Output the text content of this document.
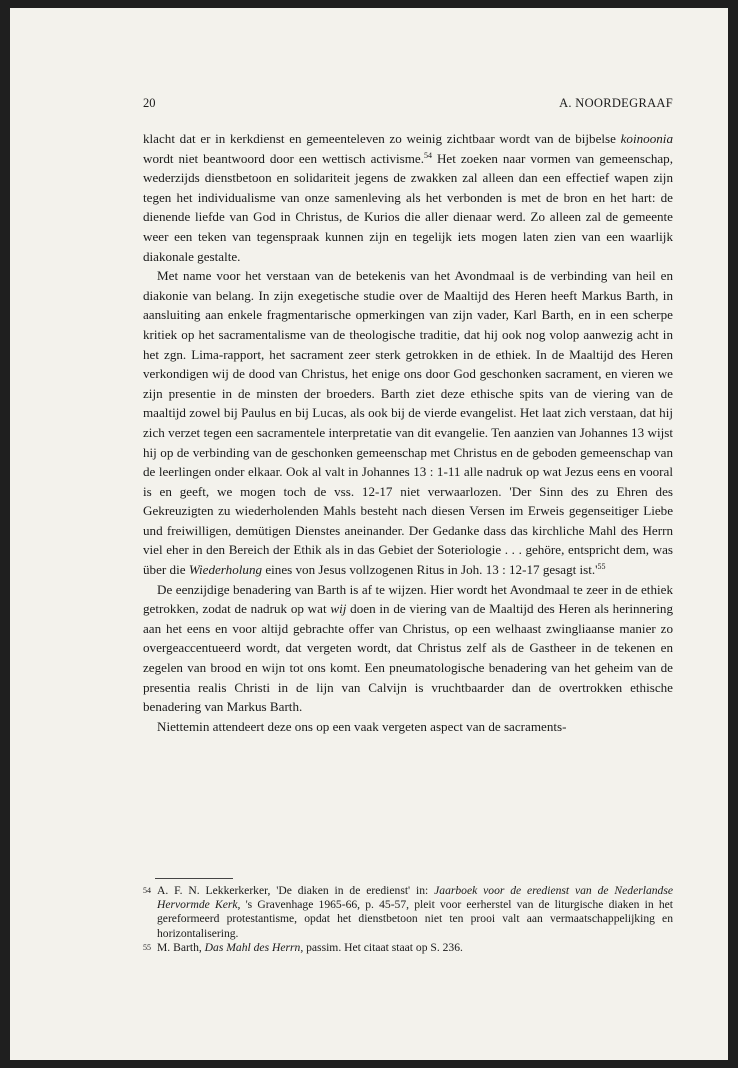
20	A. NOORDEGRAAF

klacht dat er in kerkdienst en gemeenteleven zo weinig zichtbaar wordt van de bijbelse koinoonia wordt niet beantwoord door een wettisch activisme.$^{54}$ Het zoeken naar vormen van gemeenschap, wederzijds dienstbetoon en solidariteit jegens de zwakken zal alleen dan een effectief wapen zijn tegen het individualisme van onze samenleving als het verbonden is met de bron en het hart: de dienende liefde van God in Christus, de Kurios die aller dienaar werd. Zo alleen zal de gemeente weer een teken van tegenspraak kunnen zijn en tegelijk iets mogen laten zien van een waarlijk diakonale gestalte.

Met name voor het verstaan van de betekenis van het Avondmaal is de verbinding van heil en diakonie van belang. In zijn exegetische studie over de Maaltijd des Heren heeft Markus Barth, in aansluiting aan enkele fragmentarische opmerkingen van zijn vader, Karl Barth, en in een scherpe kritiek op het sacramentalisme van de theologische traditie, dat hij ook nog volop aanwezig acht in het zgn. Lima-rapport, het sacrament zeer sterk getrokken in de ethiek. In de Maaltijd des Heren verkondigen wij de dood van Christus, het enige ons door God geschonken sacrament, en vieren we zijn presentie in de minsten der broeders. Barth ziet deze ethische spits van de viering van de maaltijd zowel bij Paulus en bij Lucas, als ook bij de vierde evangelist. Het laat zich verstaan, dat hij zich verzet tegen een sacramentele interpretatie van dit evangelie. Ten aanzien van Johannes 13 wijst hij op de verbinding van de geschonken gemeenschap met Christus en de geboden gemeenschap van de leerlingen onder elkaar. Ook al valt in Johannes 13 : 1-11 alle nadruk op wat Jezus eens en vooral is en geeft, we mogen toch de vss. 12-17 niet verwaarlozen. 'Der Sinn des zu Ehren des Gekreuzigten zu wiederholenden Mahls besteht nach diesen Versen im Erweis gegenseitiger Liebe und freiwilligen, demütigen Dienstes aneinander. Der Gedanke dass das kirchliche Mahl des Herrn viel eher in den Bereich der Ethik als in das Gebiet der Soteriologie . . . gehöre, entspricht dem, was über die Wiederholung eines von Jesus vollzogenen Ritus in Joh. 13 : 12-17 gesagt $ist.'^{55}$

De eenzijdige benadering van Barth is af te wijzen. Hier wordt het Avondmaal te zeer in de ethiek getrokken, zodat de nadruk op wat wij doen in de viering van de Maaltijd des Heren als herinnering aan het eens en voor altijd gebrachte offer van Christus, op een welhaast zwingliaanse manier zo overgeaccentueerd wordt, dat vergeten wordt, dat Christus zelf als de Gastheer in de tekenen en zegelen van brood en wijn tot ons komt. Een pneumatologische benadering van het geheim van de presentia realis Christi in de lijn van Calvijn is vruchtbaarder dan de overtrokken ethische benadering van Markus Barth.

Niettemin attendeert deze ons op een vaak vergeten aspect van de sacraments-

54 A. F. N. Lekkerkerker, 'De diaken in de eredienst' in: Jaarboek voor de eredienst van de Nederlandse Hervormde Kerk, 's Gravenhage 1965-66, p. 45-57, pleit voor eerherstel van de liturgische diaken in het gereformeerd protestantisme, opdat het dienstbetoon niet ten prooi valt aan vermaatschappelijking en horizontalisering.

55 M. Barth, Das Mahl des Herrn, passim. Het citaat staat op S. 236.
